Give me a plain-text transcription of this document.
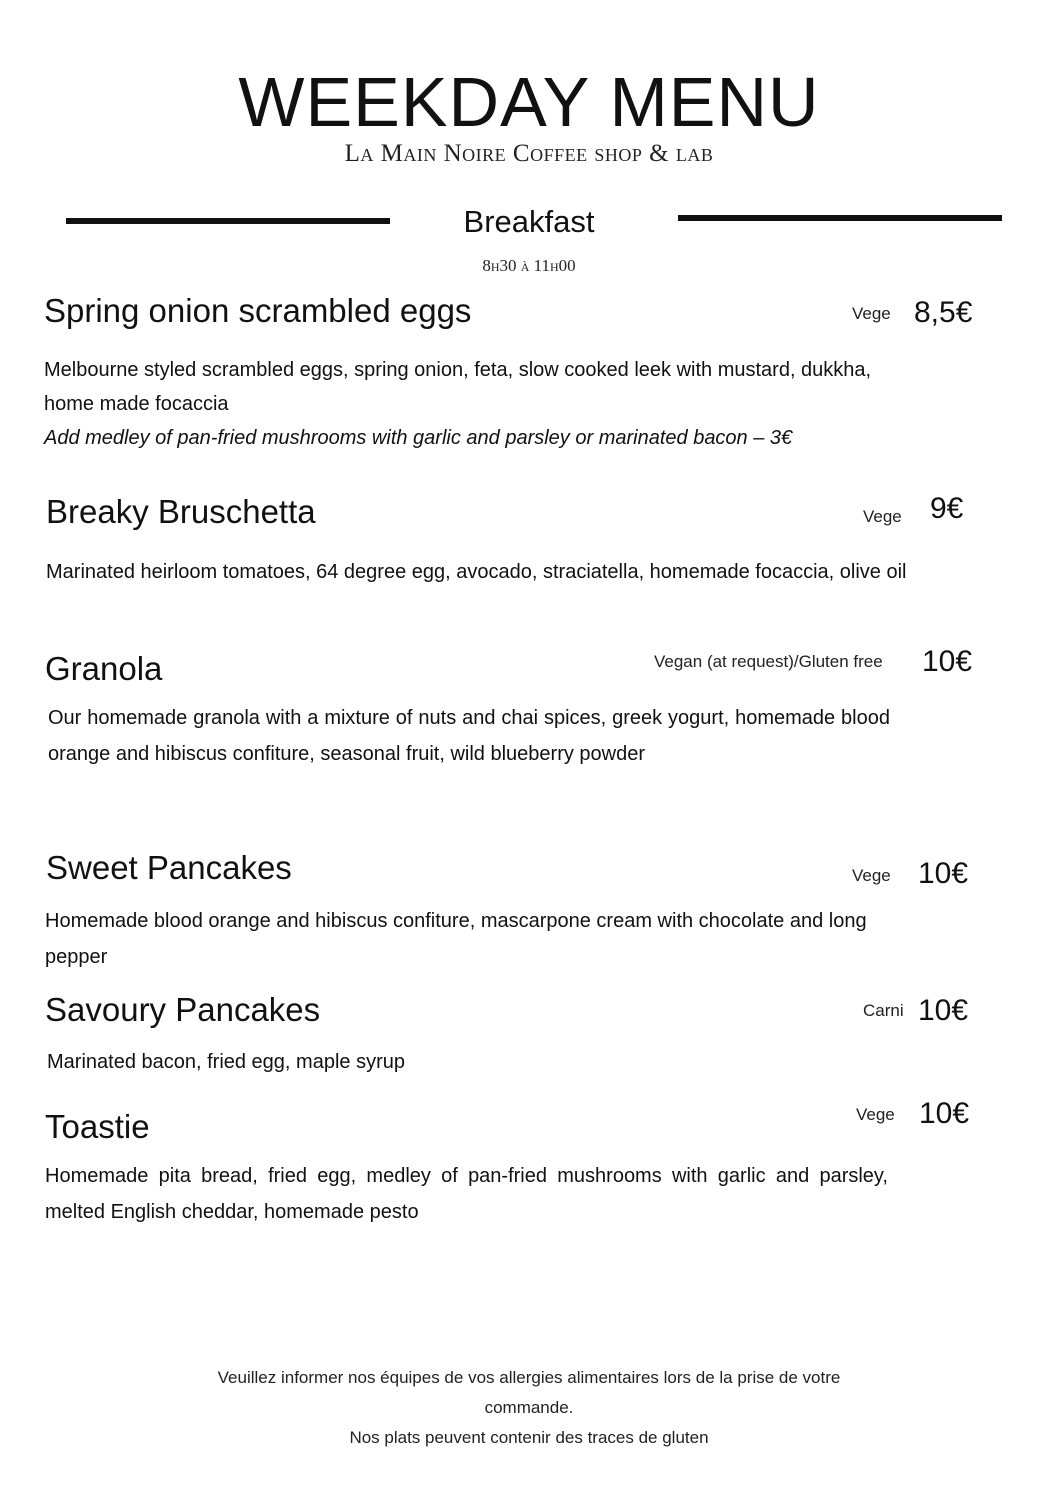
WEEKDAY MENU
La Main Noire Coffee shop & lab
Breakfast
8h30 à 11h00
Spring onion scrambled eggs	Vege 8,5€
Melbourne styled scrambled eggs, spring onion, feta, slow cooked leek with mustard, dukkha, home made focaccia
Add medley of pan-fried mushrooms with garlic and parsley or marinated bacon – 3€
Breaky Bruschetta	Vege 9€
Marinated heirloom tomatoes, 64 degree egg, avocado, straciatella, homemade focaccia, olive oil
Granola	Vegan (at request)/Gluten free 10€
Our homemade granola with a mixture of nuts and chai spices, greek yogurt, homemade blood orange and hibiscus confiture, seasonal fruit, wild blueberry powder
Sweet Pancakes	Vege 10€
Homemade blood orange and hibiscus confiture, mascarpone cream with chocolate and long pepper
Savoury Pancakes	Carni 10€
Marinated bacon, fried egg, maple syrup
Toastie	Vege 10€
Homemade pita bread, fried egg, medley of pan-fried mushrooms with garlic and parsley, melted English cheddar, homemade pesto
Veuillez informer nos équipes de vos allergies alimentaires lors de la prise de votre
commande.
Nos plats peuvent contenir des traces de gluten
